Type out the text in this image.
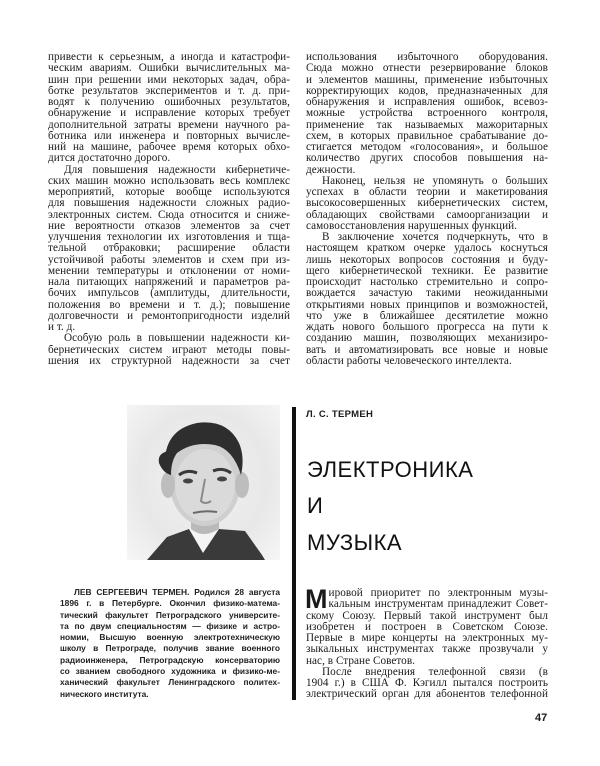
привести к серьезным, а иногда и катастрофи-
ческим авариям. Ошибки вычислительных ма-
шин при решении ими некоторых задач, обра-
ботке результатов экспериментов и т. д. при-
водят к получению ошибочных результатов,
обнаружение и исправление которых требует
дополнительной затраты времени научного ра-
ботника или инженера и повторных вычисле-
ний на машине, рабочее время которых обхо-
дится достаточно дорого.

Для повышения надежности кибернетиче-
ских машин можно использовать весь комплекс
мероприятий, которые вообще используются
для повышения надежности сложных радио-
электронных систем. Сюда относится и сниже-
ние вероятности отказов элементов за счет
улучшения технологии их изготовления и тща-
тельной отбраковки; расширение области
устойчивой работы элементов и схем при из-
менении температуры и отклонении от номи-
нала питающих напряжений и параметров ра-
бочих импульсов (амплитуды, длительности,
положения во времени и т. д.); повышение
долговечности и ремонтопригодности изделий
и т. д.

Особую роль в повышении надежности ки-
бернетических систем играют методы повы-
шения их структурной надежности за счет

использования избыточного оборудования.
Сюда можно отнести резервирование блоков
и элементов машины, применение избыточных
корректирующих кодов, предназначенных для
обнаружения и исправления ошибок, всевоз-
можные устройства встроенного контроля,
применение так называемых мажоритарных
схем, в которых правильное срабатывание до-
стигается методом «голосования», и большое
количество других способов повышения на-
дежности.

Наконец, нельзя не упомянуть о больших
успехах в области теории и макетирования
высокосовершенных кибернетических систем,
обладающих свойствами самоорганизации и
самовосстановления нарушенных функций.

В заключение хочется подчеркнуть, что в
настоящем кратком очерке удалось коснуться
лишь некоторых вопросов состояния и буду-
щего кибернетической техники. Ее развитие
происходит настолько стремительно и сопро-
вождается зачастую такими неожиданными
открытиями новых принципов и возможностей,
что уже в ближайшее десятилетие можно
ждать нового большого прогресса на пути к
созданию машин, позволяющих механизиро-
вать и автоматизировать все новые и новые
области работы человеческого интеллекта.

Л. С. ТЕРМЕН
ЭЛЕКТРОНИКА
И
МУЗЫКА
ЛЕВ СЕРГЕЕВИЧ ТЕРМЕН. Родился 28 августа
1896 г. в Петербурге. Окончил физико-матема-
тический факультет Петроградского университе-
та по двум специальностям — физике и астро-
номии, Высшую военную электротехническую
школу в Петрограде, получив звание военного
радиоинженера, Петроградскую консерваторию
со званием свободного художника и физико-ме-
ханический факультет Ленинградского политех-
нического института.

М ировой приоритет по электронным музы-
кальным инструментам принадлежит Совет-
скому Союзу. Первый такой инструмент был
изобретен и построен в Советском Союзе.
Первые в мире концерты на электронных му-
зыкальных инструментах также прозвучали у
нас, в Стране Советов.

После внедрения телефонной связи (в
1904 г.) в США Ф. Кэгилл пытался построить
электрический орган для абонентов телефонной

47
